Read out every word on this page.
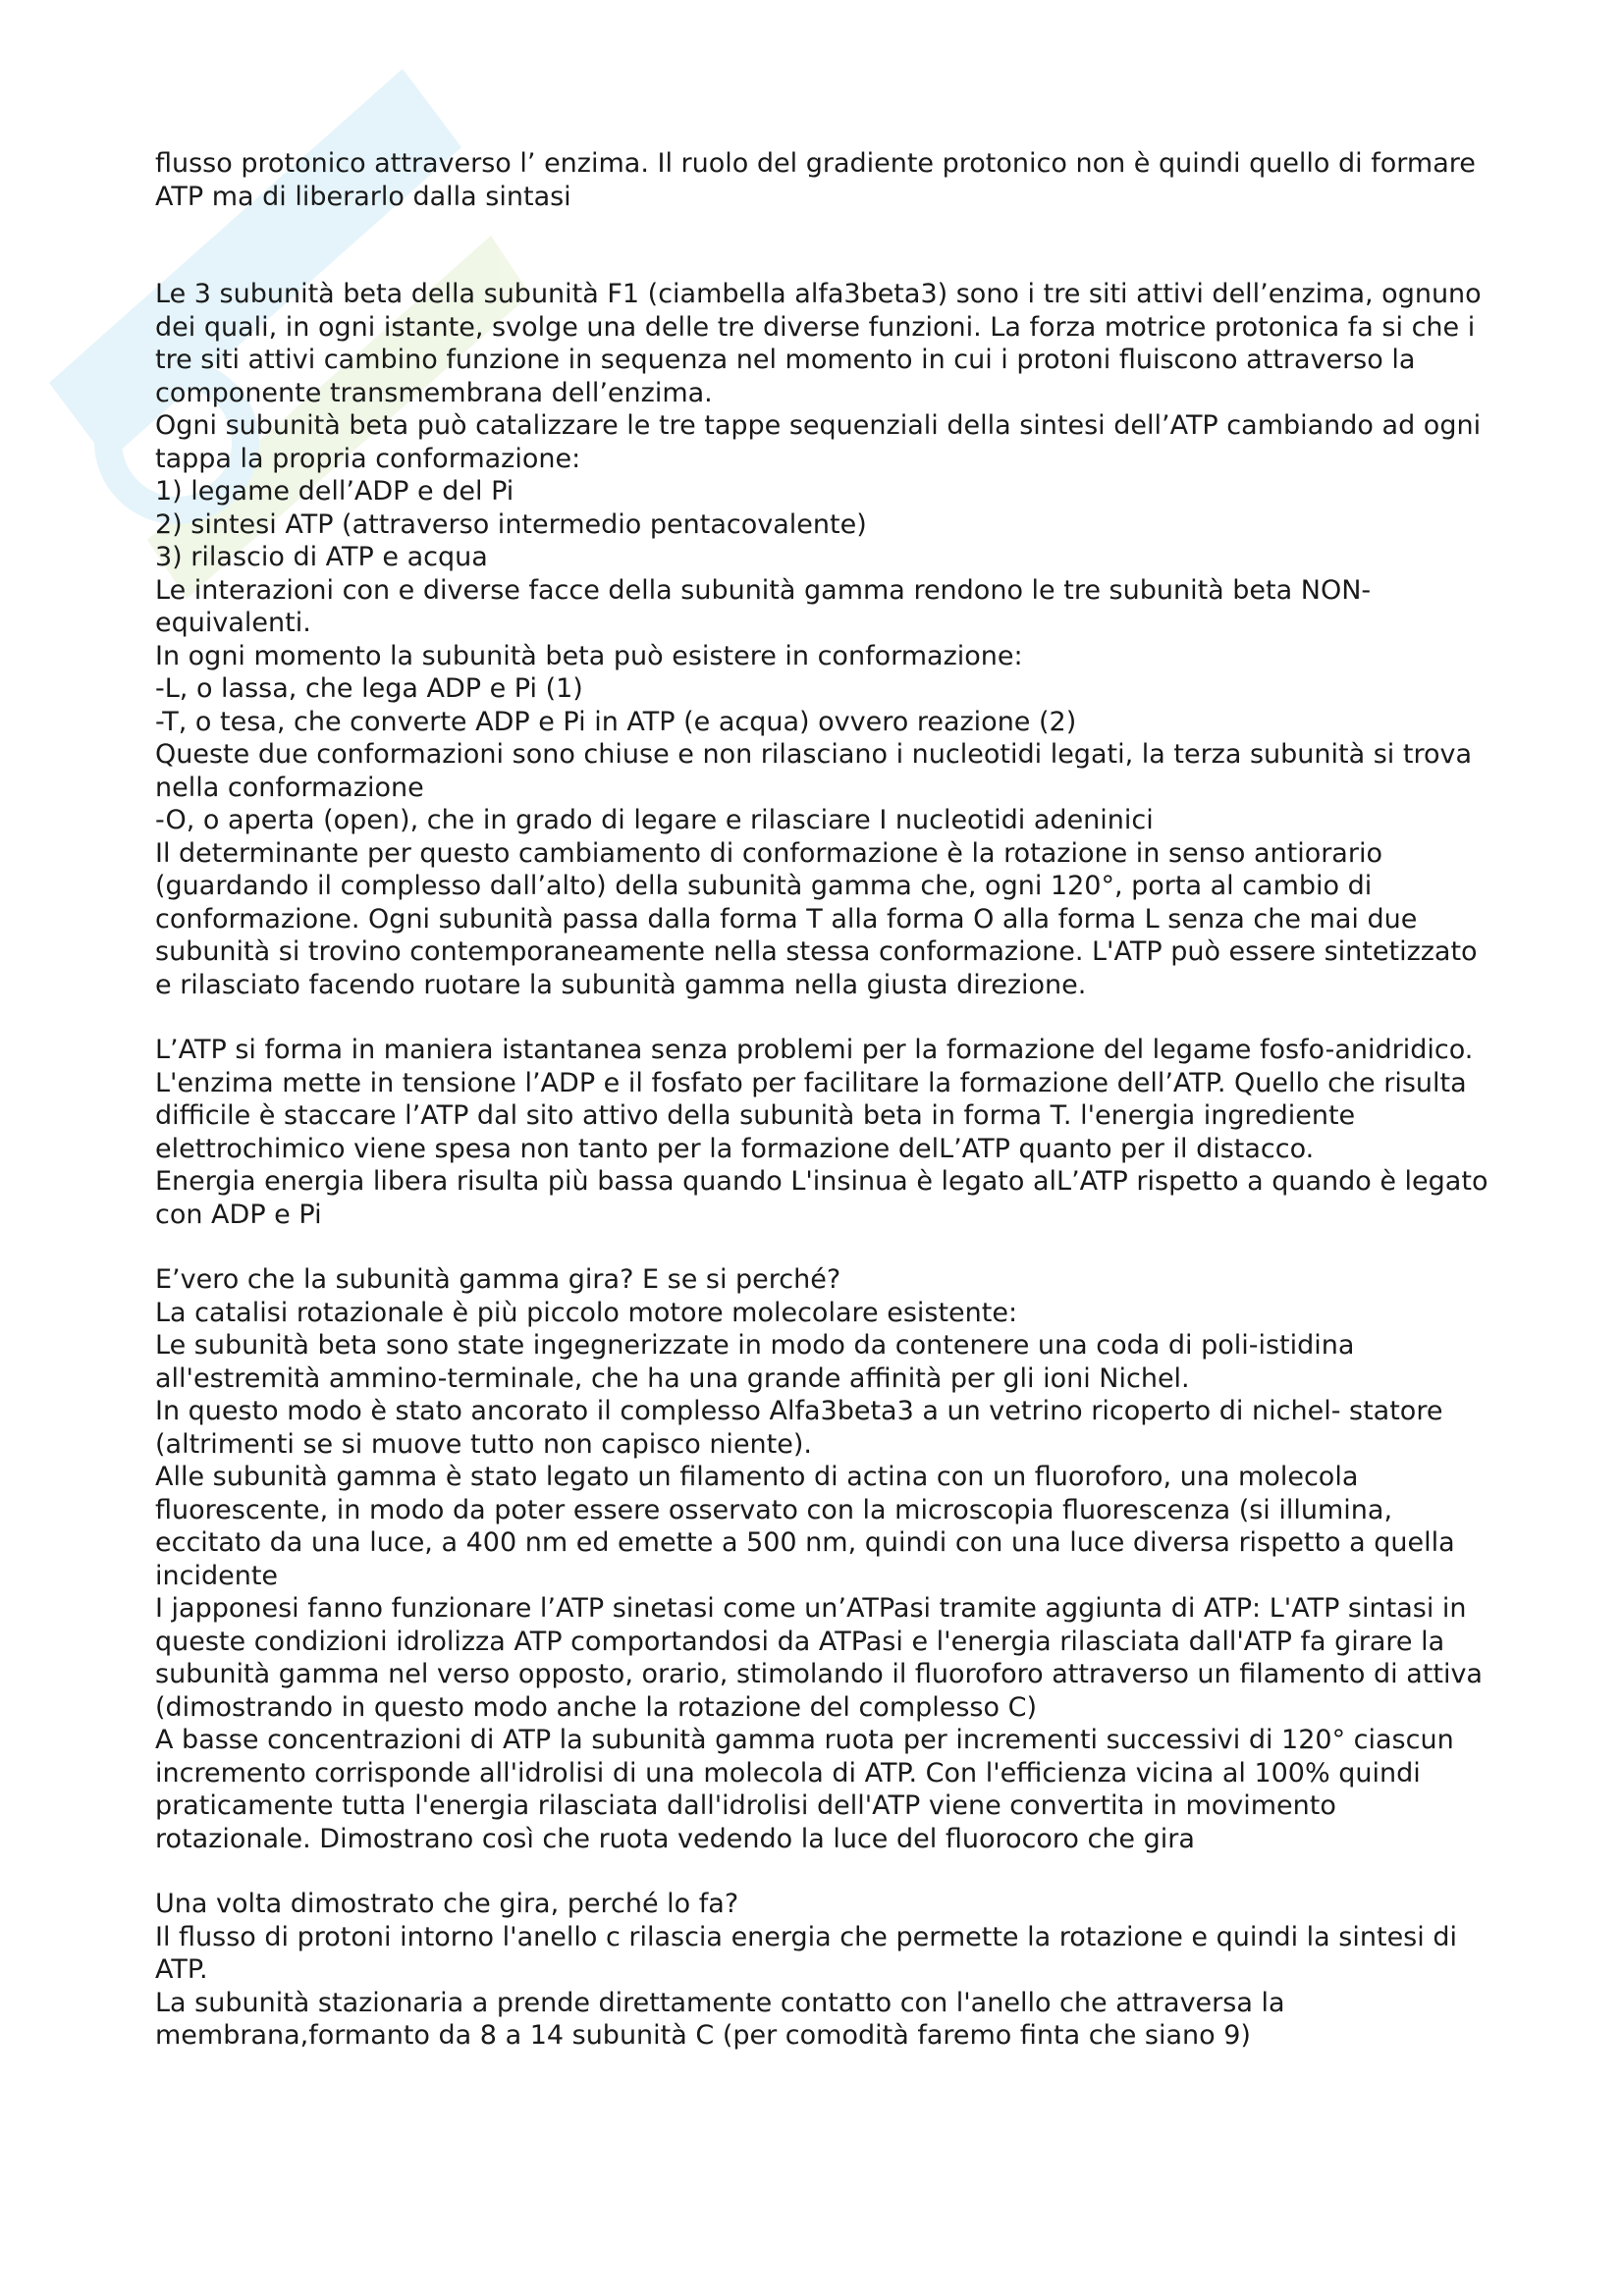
flusso protonico attraverso l’ enzima. Il ruolo del gradiente protonico non è quindi quello di formare ATP ma di liberarlo dalla sintasi

Le 3 subunità beta della subunità F1 (ciambella alfa3beta3) sono i tre siti attivi dell’enzima, ognuno dei quali, in ogni istante, svolge una delle tre diverse funzioni. La forza motrice protonica fa si che i tre siti attivi cambino funzione in sequenza nel momento in cui i protoni fluiscono attraverso la componente transmembrana dell’enzima.

Ogni subunità beta può catalizzare le tre tappe sequenziali della sintesi dell’ATP cambiando ad ogni tappa la propria conformazione:

1) legame dell’ADP e del Pi

2) sintesi ATP (attraverso intermedio pentacovalente)

3) rilascio di ATP e acqua

Le interazioni con e diverse facce della subunità gamma rendono le tre subunità beta NON-equivalenti.

In ogni momento la subunità beta può esistere in conformazione:

-L, o lassa, che lega ADP e Pi (1)

-T, o tesa, che converte ADP e Pi in ATP (e acqua) ovvero reazione (2)

Queste due conformazioni sono chiuse e non rilasciano i nucleotidi legati, la terza subunità si trova nella conformazione

-O, o aperta (open), che in grado di legare e rilasciare I nucleotidi adeninici

Il determinante per questo cambiamento di conformazione è la rotazione in senso antiorario (guardando il complesso dall’alto) della subunità gamma che, ogni 120°, porta al cambio di conformazione. Ogni subunità passa dalla forma T alla forma O alla forma L senza che mai due subunità si trovino contemporaneamente nella stessa conformazione. L'ATP può essere sintetizzato e rilasciato facendo ruotare la subunità gamma nella giusta direzione.

L’ATP si forma in maniera istantanea senza problemi per la formazione del legame fosfo-anidridico. L'enzima mette in tensione l’ADP e il fosfato per facilitare la formazione dell’ATP. Quello che risulta difficile è staccare l’ATP dal sito attivo della subunità beta in forma T. l'energia ingrediente elettrochimico viene spesa non tanto per la formazione delL’ATP quanto per il distacco.

Energia energia libera risulta più bassa quando L'insinua è legato alL’ATP rispetto a quando è legato con ADP e Pi

E’vero che la subunità gamma gira? E se si perché?

La catalisi rotazionale è più piccolo motore molecolare esistente:

Le subunità beta sono state ingegnerizzate in modo da contenere una coda di poli-istidina all'estremità ammino-terminale, che ha una grande affinità per gli ioni Nichel.

In questo modo è stato ancorato il complesso Alfa3beta3 a un vetrino ricoperto di nichel- statore (altrimenti se si muove tutto non capisco niente).

Alle subunità gamma è stato legato un filamento di actina con un fluoroforo, una molecola fluorescente, in modo da poter essere osservato con la microscopia fluorescenza (si illumina, eccitato da una luce, a 400 nm ed emette a 500 nm, quindi con una luce diversa rispetto a quella incidente

I japponesi fanno funzionare l’ATP sinetasi come un’ATPasi tramite aggiunta di ATP: L'ATP sintasi in queste condizioni idrolizza ATP comportandosi da ATPasi e l'energia rilasciata dall'ATP fa girare la subunità gamma nel verso opposto, orario, stimolando il fluoroforo attraverso un filamento di attiva (dimostrando in questo modo anche la rotazione del complesso C)

A basse concentrazioni di ATP la subunità gamma ruota per incrementi successivi di 120° ciascun incremento corrisponde all'idrolisi di una molecola di ATP. Con l'efficienza vicina al 100% quindi praticamente tutta l'energia rilasciata dall'idrolisi dell'ATP viene convertita in movimento rotazionale. Dimostrano così che ruota vedendo la luce del fluorocoro che gira

Una volta dimostrato che gira, perché lo fa?

Il flusso di protoni intorno l'anello c rilascia energia che permette la rotazione e quindi la sintesi di ATP.

La subunità stazionaria a prende direttamente contatto con l'anello che attraversa la membrana,formanto da 8 a 14 subunità C (per comodità faremo finta che siano 9)
